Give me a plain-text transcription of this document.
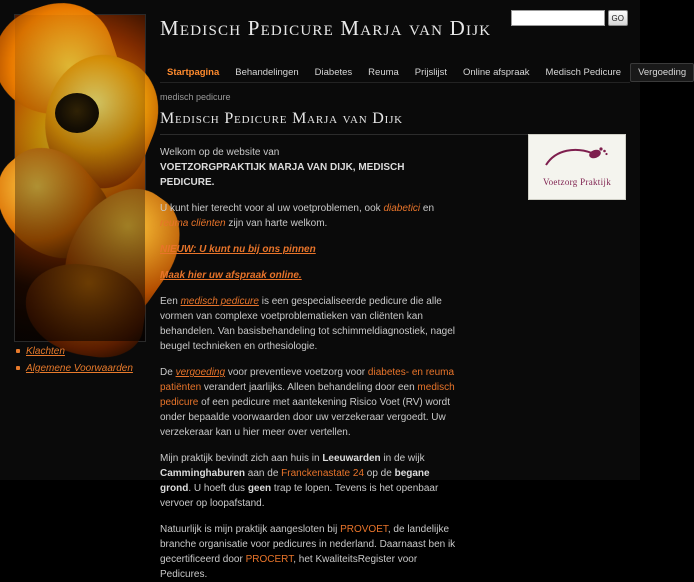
Klachten
Algemene Voorwaarden
Medisch Pedicure Marja van Dijk	GO
Startpagina	Behandelingen	Diabetes	Reuma	Prijslijst	Online afspraak	Medisch Pedicure	Vergoeding
medisch pedicure
Medisch Pedicure Marja van Dijk
Voetzorg Praktijk

Welkom op de website van
VOETZORGPRAKTIJK MARJA VAN DIJK, MEDISCH
PEDICURE.

U kunt hier terecht voor al uw voetproblemen, ook diabetici en reuma cliënten zijn van harte welkom.

NIEUW: U kunt nu bij ons pinnen

Maak hier uw afspraak online.

Een medisch pedicure is een gespecialiseerde pedicure die alle vormen van complexe voetproblematieken van cliënten kan behandelen. Van basisbehandeling tot schimmeldiagnostiek, nagel beugel technieken en orthesiologie.

De vergoeding voor preventieve voetzorg voor diabetes- en reuma patiënten verandert jaarlijks. Alleen behandeling door een medisch pedicure of een pedicure met aantekening Risico Voet (RV) wordt onder bepaalde voorwaarden door uw verzekeraar vergoedt. Uw verzekeraar kan u hier meer over vertellen.

Mijn praktijk bevindt zich aan huis in Leeuwarden in de wijk Camminghaburen aan de Franckenastate 24 op de begane grond. U hoeft dus geen trap te lopen. Tevens is het openbaar vervoer op loopafstand.

Natuurlijk is mijn praktijk aangesloten bij PROVOET, de landelijke branche organisatie voor pedicures in nederland. Daarnaast ben ik gecertificeerd door PROCERT, het KwaliteitsRegister voor Pedicures.
